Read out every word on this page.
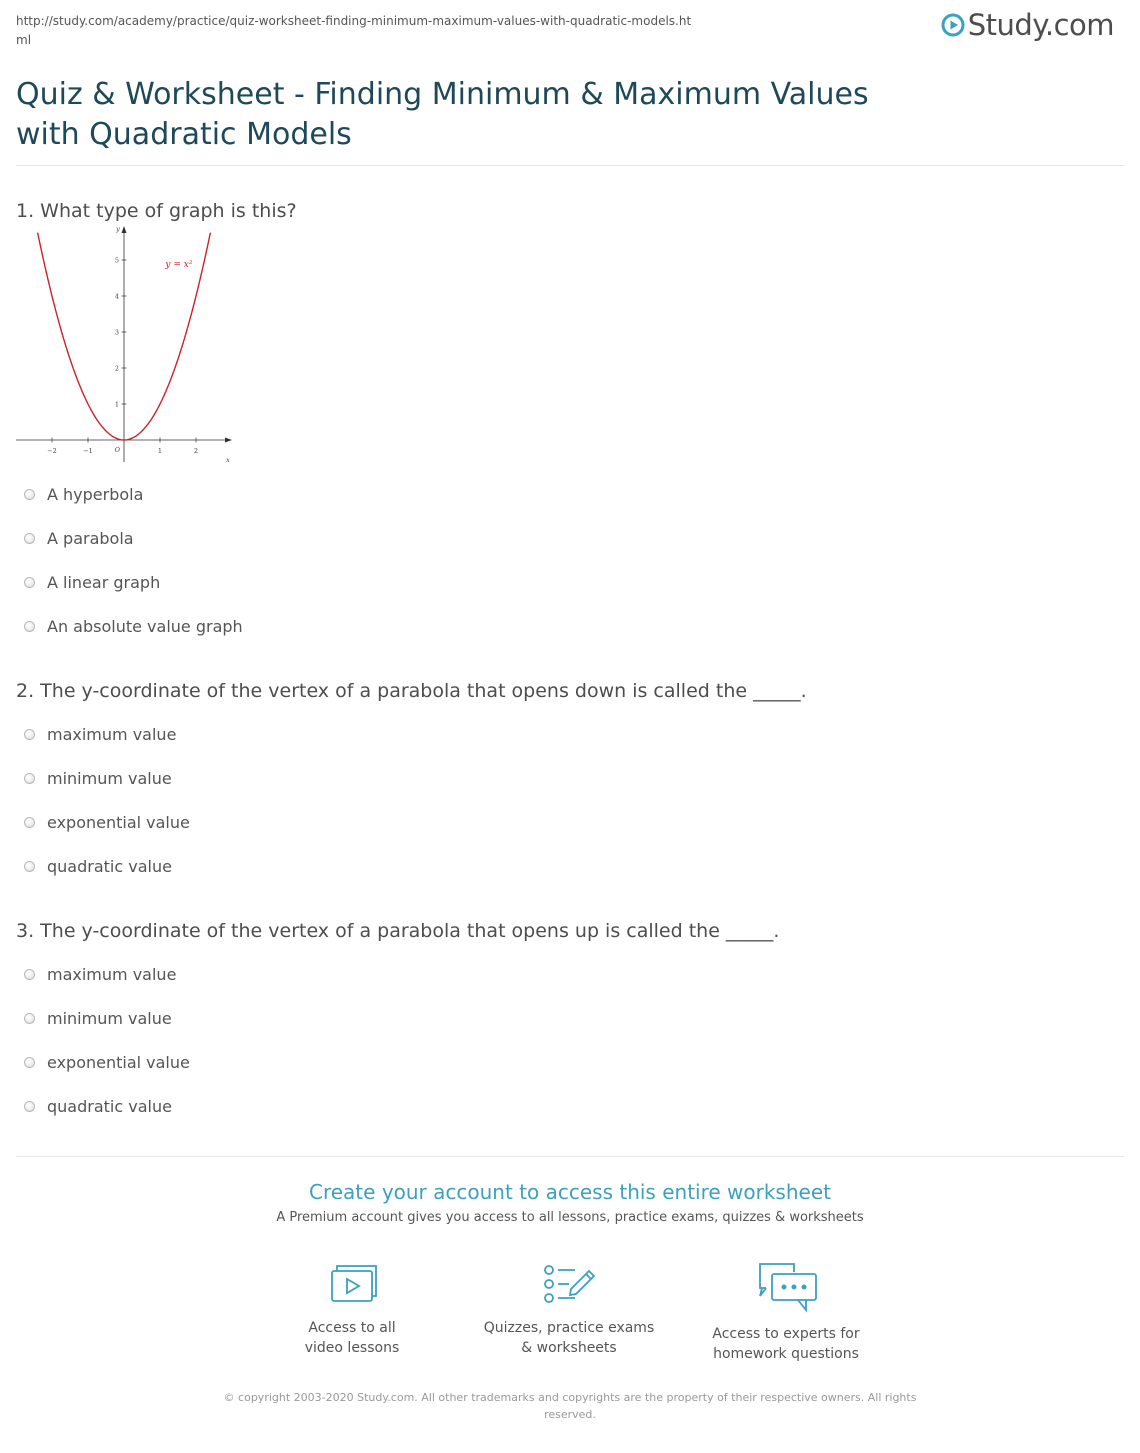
http://study.com/academy/practice/quiz-worksheet-finding-minimum-maximum-values-with-quadratic-models.html	Study.com
Quiz & Worksheet - Finding Minimum & Maximum Values with Quadratic Models
1. What type of graph is this?
−2	−1	1	2
1
2
3
4
5
O
x
y
y = x²
A hyperbola
A parabola
A linear graph
An absolute value graph
2. The y-coordinate of the vertex of a parabola that opens down is called the _____.
maximum value
minimum value
exponential value
quadratic value
3. The y-coordinate of the vertex of a parabola that opens up is called the _____.
maximum value
minimum value
exponential value
quadratic value
Create your account to access this entire worksheet
A Premium account gives you access to all lessons, practice exams, quizzes & worksheets
Access to all
video lessons
Quizzes, practice exams
& worksheets
Access to experts for
homework questions
© copyright 2003-2020 Study.com. All other trademarks and copyrights are the property of their respective owners. All rights reserved.
